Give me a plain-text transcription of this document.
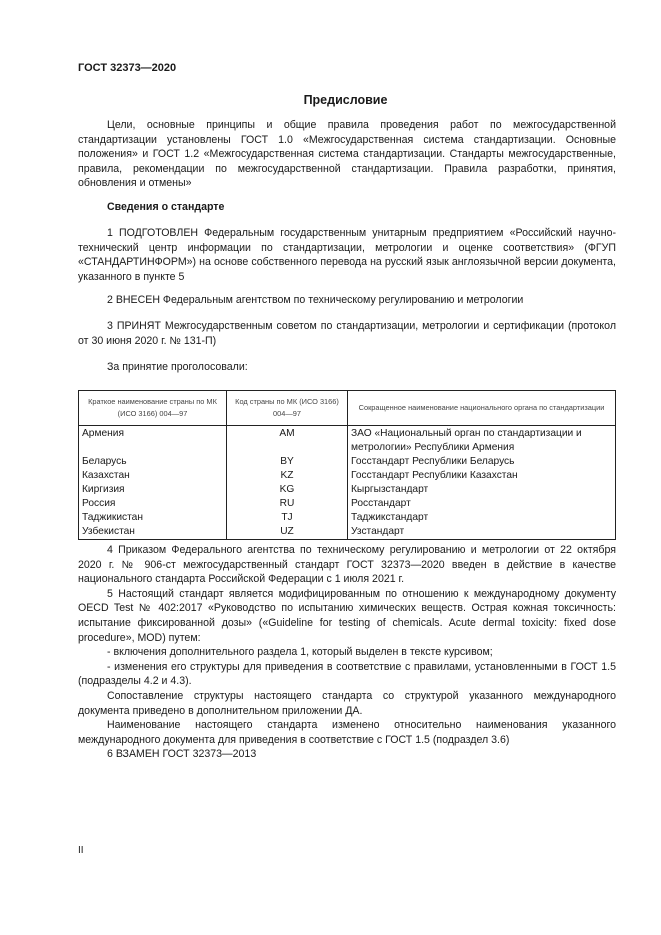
ГОСТ 32373—2020
Предисловие

Цели, основные принципы и общие правила проведения работ по межгосударственной стандартизации установлены ГОСТ 1.0 «Межгосударственная система стандартизации. Основные положения» и ГОСТ 1.2 «Межгосударственная система стандартизации. Стандарты межгосударственные, правила, рекомендации по межгосударственной стандартизации. Правила разработки, принятия, обновления и отмены»

Сведения о стандарте

1 ПОДГОТОВЛЕН Федеральным государственным унитарным предприятием «Российский научно-технический центр информации по стандартизации, метрологии и оценке соответствия» (ФГУП «СТАНДАРТИНФОРМ») на основе собственного перевода на русский язык англоязычной версии документа, указанного в пункте 5

2 ВНЕСЕН Федеральным агентством по техническому регулированию и метрологии

3 ПРИНЯТ Межгосударственным советом по стандартизации, метрологии и сертификации (протокол от 30 июня 2020 г. № 131-П)

За принятие проголосовали:

Краткое наименование страны по МК (ИСО 3166) 004—97	Код страны по МК (ИСО 3166) 004—97	Сокращенное наименование национального органа по стандартизации
Армения	AM	ЗАО «Национальный орган по стандартизации и метрологии» Республики Армения
Беларусь	BY	Госстандарт Республики Беларусь
Казахстан	KZ	Госстандарт Республики Казахстан
Киргизия	KG	Кыргызстандарт
Россия	RU	Росстандарт
Таджикистан	TJ	Таджикстандарт
Узбекистан	UZ	Узстандарт

4 Приказом Федерального агентства по техническому регулированию и метрологии от 22 октября 2020 г. № 906-ст межгосударственный стандарт ГОСТ 32373—2020 введен в действие в качестве национального стандарта Российской Федерации с 1 июля 2021 г.

5 Настоящий стандарт является модифицированным по отношению к международному документу OECD Test № 402:2017 «Руководство по испытанию химических веществ. Острая кожная токсичность: испытание фиксированной дозы» («Guideline for testing of chemicals. Acute dermal toxicity: fixed dose procedure», MOD) путем:

- включения дополнительного раздела 1, который выделен в тексте курсивом;

- изменения его структуры для приведения в соответствие с правилами, установленными в ГОСТ 1.5 (подразделы 4.2 и 4.3).

Сопоставление структуры настоящего стандарта со структурой указанного международного документа приведено в дополнительном приложении ДА.

Наименование настоящего стандарта изменено относительно наименования указанного международного документа для приведения в соответствие с ГОСТ 1.5 (подраздел 3.6)

6 ВЗАМЕН ГОСТ 32373—2013

II
